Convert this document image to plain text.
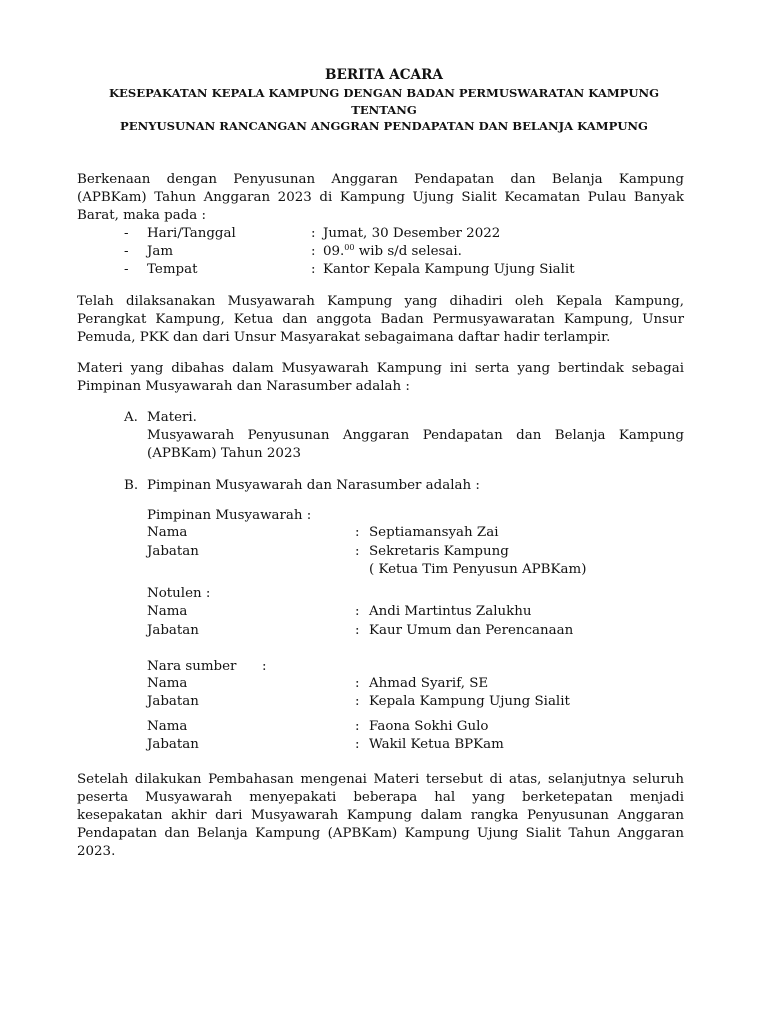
BERITA ACARA
KESEPAKATAN KEPALA KAMPUNG DENGAN BADAN PERMUSWARATAN KAMPUNG
TENTANG
PENYUSUNAN RANCANGAN ANGGRAN PENDAPATAN DAN BELANJA KAMPUNG
Berkenaan dengan Penyusunan Anggaran Pendapatan dan Belanja Kampung
(APBKam) Tahun Anggaran 2023 di Kampung Ujung Sialit Kecamatan Pulau Banyak
Barat, maka pada :
- Hari/Tanggal	: Jumat, 30 Desember 2022
- Jam	: 09.00 wib s/d selesai.
- Tempat	: Kantor Kepala Kampung Ujung Sialit
Telah dilaksanakan Musyawarah Kampung yang dihadiri oleh Kepala Kampung,
Perangkat Kampung, Ketua dan anggota Badan Permusyawaratan Kampung, Unsur
Pemuda, PKK dan dari Unsur Masyarakat sebagaimana daftar hadir terlampir.
Materi yang dibahas dalam Musyawarah Kampung ini serta yang bertindak sebagai
Pimpinan Musyawarah dan Narasumber adalah :
A. Materi.
Musyawarah Penyusunan Anggaran Pendapatan dan Belanja Kampung
(APBKam) Tahun 2023
B. Pimpinan Musyawarah dan Narasumber adalah :
Pimpinan Musyawarah :
Nama	: Septiamansyah Zai
Jabatan	: Sekretaris Kampung
( Ketua Tim Penyusun APBKam)
Notulen :
Nama	: Andi Martintus Zalukhu
Jabatan	: Kaur Umum dan Perencanaan
Nara sumber :
Nama	: Ahmad Syarif, SE
Jabatan	: Kepala Kampung Ujung Sialit
Nama	: Faona Sokhi Gulo
Jabatan	: Wakil Ketua BPKam
Setelah dilakukan Pembahasan mengenai Materi tersebut di atas, selanjutnya seluruh
peserta Musyawarah menyepakati beberapa hal yang berketepatan menjadi
kesepakatan akhir dari Musyawarah Kampung dalam rangka Penyusunan Anggaran
Pendapatan dan Belanja Kampung (APBKam) Kampung Ujung Sialit Tahun Anggaran
2023.
